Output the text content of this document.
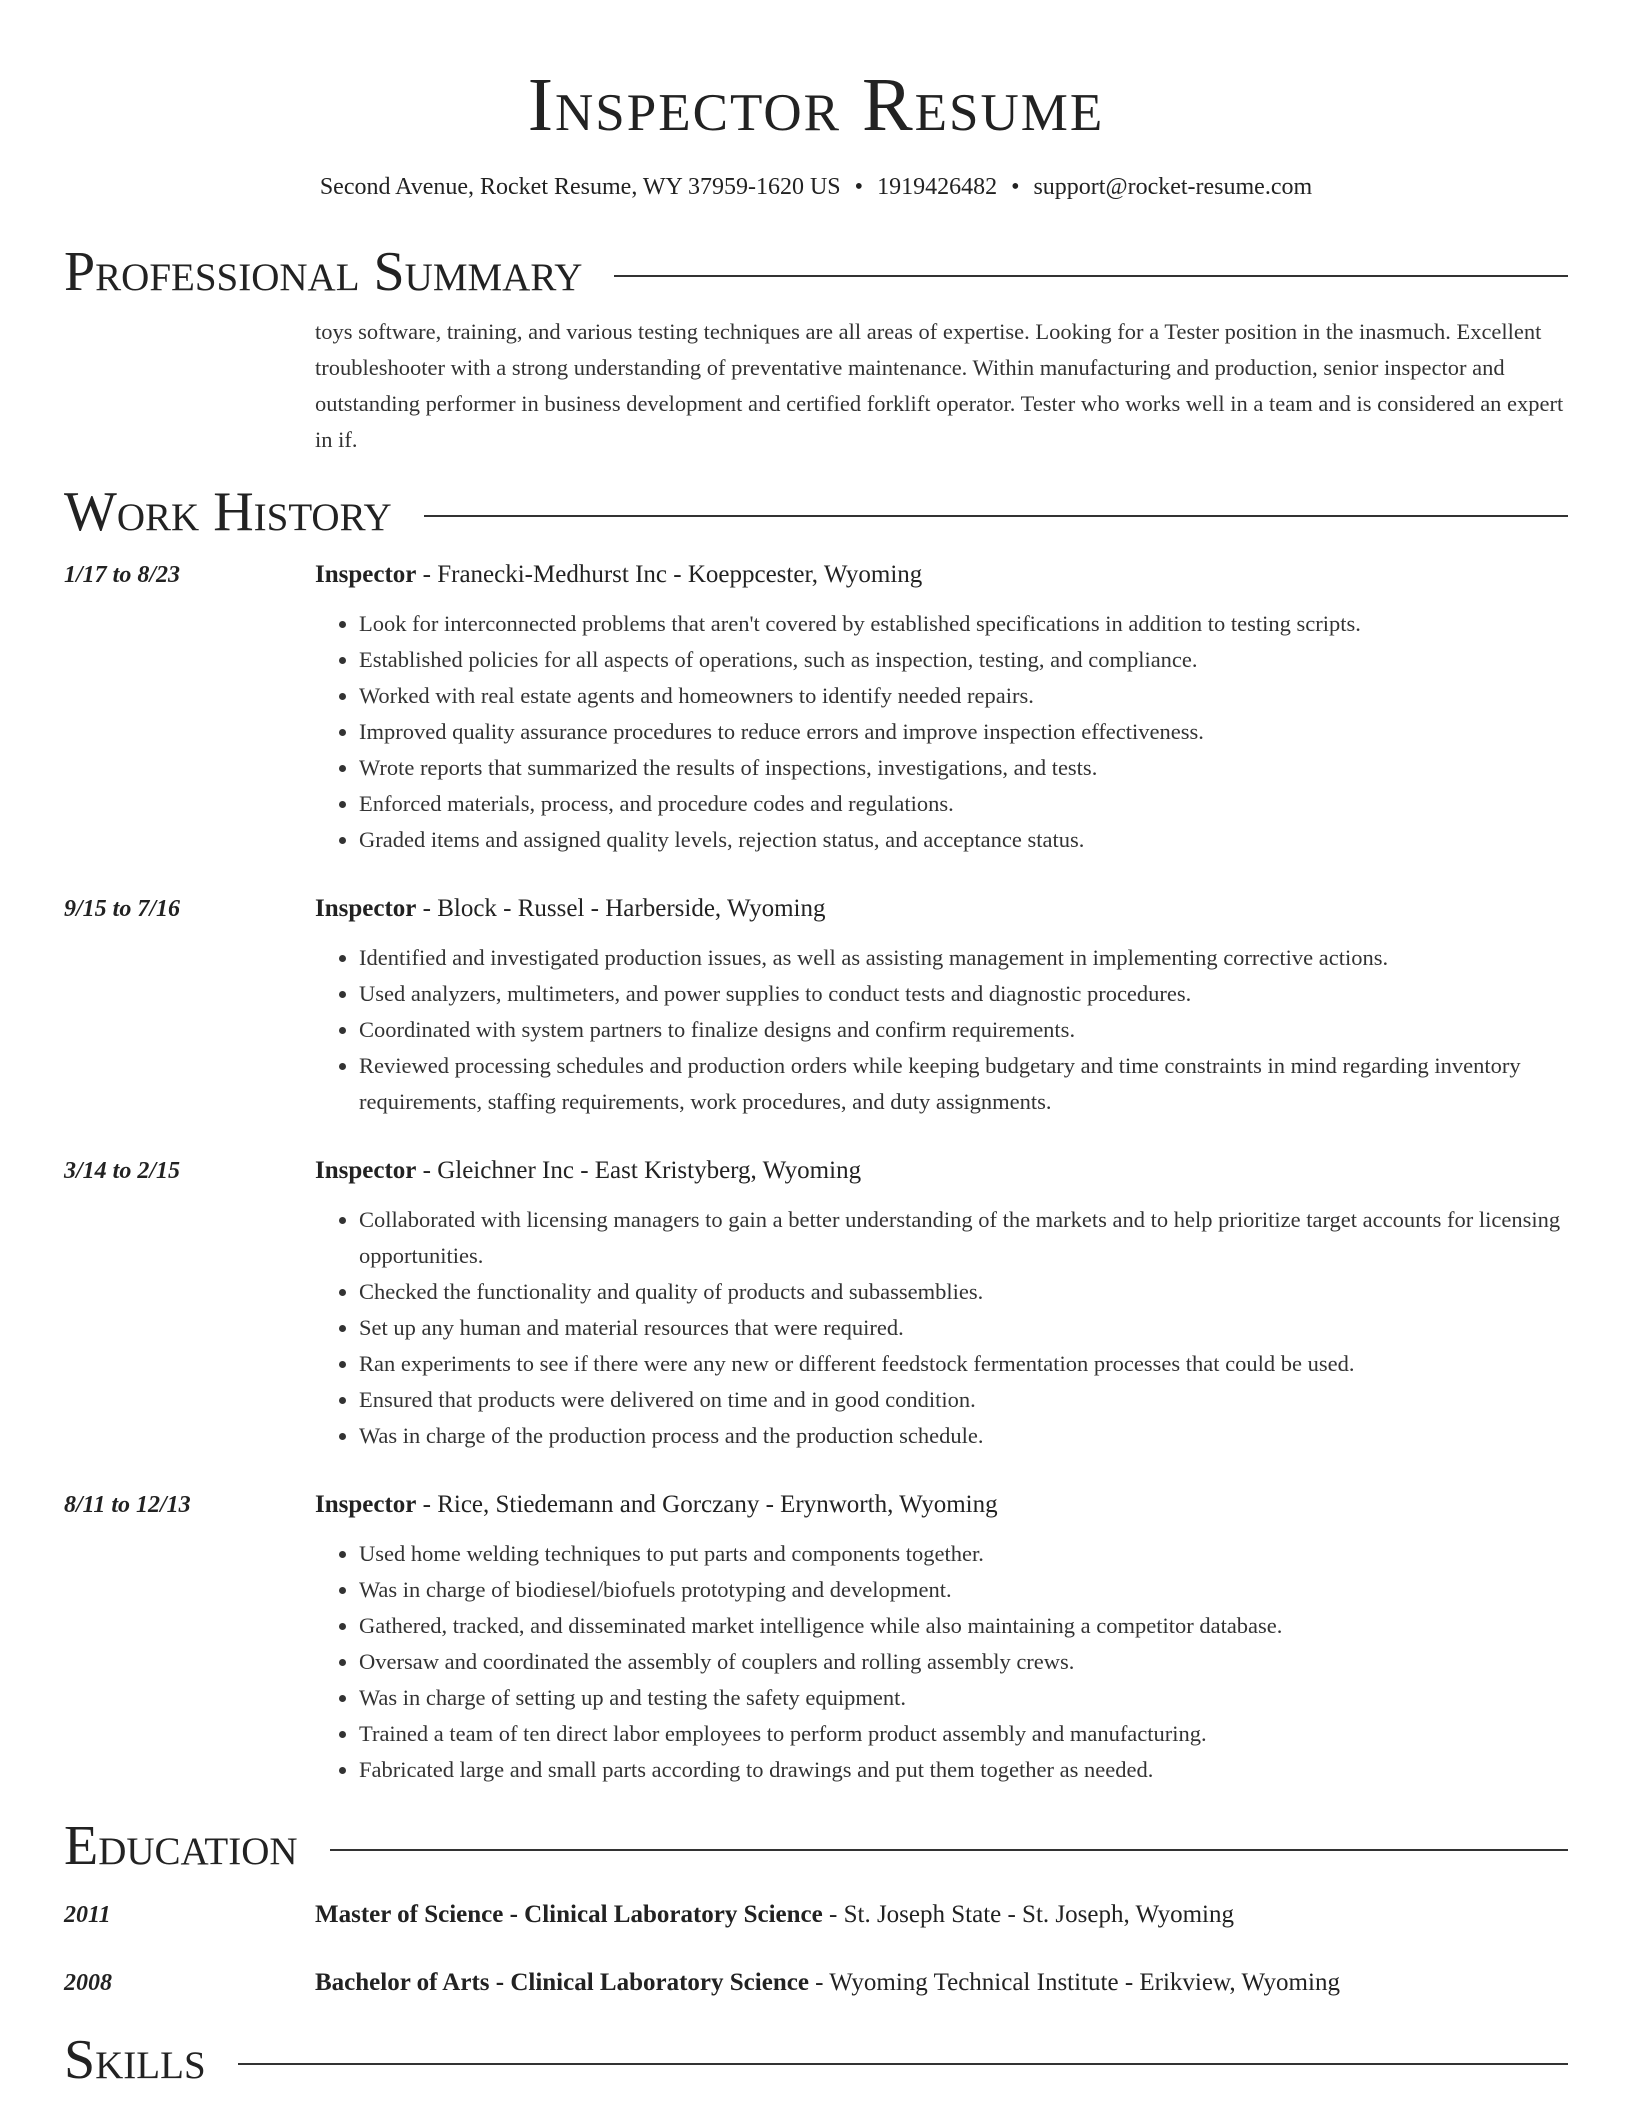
Inspector Resume
Second Avenue, Rocket Resume, WY 37959-1620 US • 1919426482 • support@rocket-resume.com
Professional Summary
toys software, training, and various testing techniques are all areas of expertise. Looking for a Tester position in the inasmuch. Excellent troubleshooter with a strong understanding of preventative maintenance. Within manufacturing and production, senior inspector and outstanding performer in business development and certified forklift operator. Tester who works well in a team and is considered an expert in if.
Work History
1/17 to 8/23	Inspector - Franecki-Medhurst Inc - Koeppcester, Wyoming
• Look for interconnected problems that aren't covered by established specifications in addition to testing scripts.
• Established policies for all aspects of operations, such as inspection, testing, and compliance.
• Worked with real estate agents and homeowners to identify needed repairs.
• Improved quality assurance procedures to reduce errors and improve inspection effectiveness.
• Wrote reports that summarized the results of inspections, investigations, and tests.
• Enforced materials, process, and procedure codes and regulations.
• Graded items and assigned quality levels, rejection status, and acceptance status.
9/15 to 7/16	Inspector - Block - Russel - Harberside, Wyoming
• Identified and investigated production issues, as well as assisting management in implementing corrective actions.
• Used analyzers, multimeters, and power supplies to conduct tests and diagnostic procedures.
• Coordinated with system partners to finalize designs and confirm requirements.
• Reviewed processing schedules and production orders while keeping budgetary and time constraints in mind regarding inventory requirements, staffing requirements, work procedures, and duty assignments.
3/14 to 2/15	Inspector - Gleichner Inc - East Kristyberg, Wyoming
• Collaborated with licensing managers to gain a better understanding of the markets and to help prioritize target accounts for licensing opportunities.
• Checked the functionality and quality of products and subassemblies.
• Set up any human and material resources that were required.
• Ran experiments to see if there were any new or different feedstock fermentation processes that could be used.
• Ensured that products were delivered on time and in good condition.
• Was in charge of the production process and the production schedule.
8/11 to 12/13	Inspector - Rice, Stiedemann and Gorczany - Erynworth, Wyoming
• Used home welding techniques to put parts and components together.
• Was in charge of biodiesel/biofuels prototyping and development.
• Gathered, tracked, and disseminated market intelligence while also maintaining a competitor database.
• Oversaw and coordinated the assembly of couplers and rolling assembly crews.
• Was in charge of setting up and testing the safety equipment.
• Trained a team of ten direct labor employees to perform product assembly and manufacturing.
• Fabricated large and small parts according to drawings and put them together as needed.
Education
2011	Master of Science - Clinical Laboratory Science - St. Joseph State - St. Joseph, Wyoming
2008	Bachelor of Arts - Clinical Laboratory Science - Wyoming Technical Institute - Erikview, Wyoming
Skills
